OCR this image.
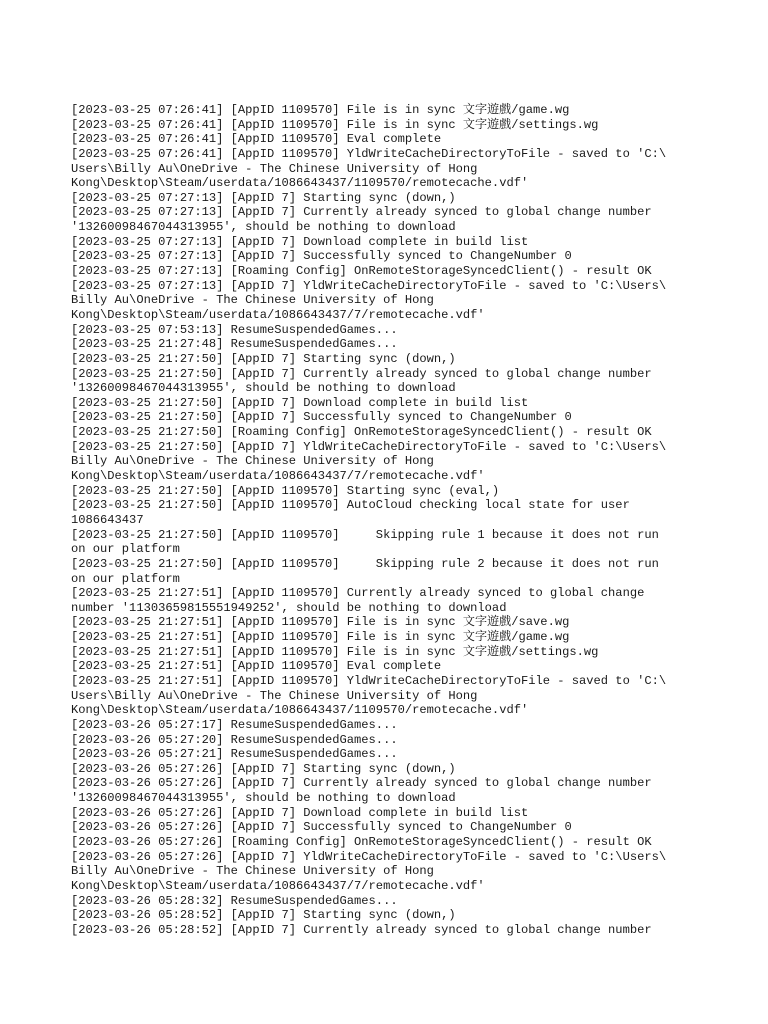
[2023-03-25 07:26:41] [AppID 1109570] File is in sync 文字遊戲/game.wg
[2023-03-25 07:26:41] [AppID 1109570] File is in sync 文字遊戲/settings.wg
[2023-03-25 07:26:41] [AppID 1109570] Eval complete
[2023-03-25 07:26:41] [AppID 1109570] YldWriteCacheDirectoryToFile - saved to 'C:\
Users\Billy Au\OneDrive - The Chinese University of Hong
Kong\Desktop\Steam/userdata/1086643437/1109570/remotecache.vdf'
[2023-03-25 07:27:13] [AppID 7] Starting sync (down,)
[2023-03-25 07:27:13] [AppID 7] Currently already synced to global change number
'13260098467044313955', should be nothing to download
[2023-03-25 07:27:13] [AppID 7] Download complete in build list
[2023-03-25 07:27:13] [AppID 7] Successfully synced to ChangeNumber 0
[2023-03-25 07:27:13] [Roaming Config] OnRemoteStorageSyncedClient() - result OK
[2023-03-25 07:27:13] [AppID 7] YldWriteCacheDirectoryToFile - saved to 'C:\Users\
Billy Au\OneDrive - The Chinese University of Hong
Kong\Desktop\Steam/userdata/1086643437/7/remotecache.vdf'
[2023-03-25 07:53:13] ResumeSuspendedGames...
[2023-03-25 21:27:48] ResumeSuspendedGames...
[2023-03-25 21:27:50] [AppID 7] Starting sync (down,)
[2023-03-25 21:27:50] [AppID 7] Currently already synced to global change number
'13260098467044313955', should be nothing to download
[2023-03-25 21:27:50] [AppID 7] Download complete in build list
[2023-03-25 21:27:50] [AppID 7] Successfully synced to ChangeNumber 0
[2023-03-25 21:27:50] [Roaming Config] OnRemoteStorageSyncedClient() - result OK
[2023-03-25 21:27:50] [AppID 7] YldWriteCacheDirectoryToFile - saved to 'C:\Users\
Billy Au\OneDrive - The Chinese University of Hong
Kong\Desktop\Steam/userdata/1086643437/7/remotecache.vdf'
[2023-03-25 21:27:50] [AppID 1109570] Starting sync (eval,)
[2023-03-25 21:27:50] [AppID 1109570] AutoCloud checking local state for user
1086643437
[2023-03-25 21:27:50] [AppID 1109570]     Skipping rule 1 because it does not run
on our platform
[2023-03-25 21:27:50] [AppID 1109570]     Skipping rule 2 because it does not run
on our platform
[2023-03-25 21:27:51] [AppID 1109570] Currently already synced to global change
number '11303659815551949252', should be nothing to download
[2023-03-25 21:27:51] [AppID 1109570] File is in sync 文字遊戲/save.wg
[2023-03-25 21:27:51] [AppID 1109570] File is in sync 文字遊戲/game.wg
[2023-03-25 21:27:51] [AppID 1109570] File is in sync 文字遊戲/settings.wg
[2023-03-25 21:27:51] [AppID 1109570] Eval complete
[2023-03-25 21:27:51] [AppID 1109570] YldWriteCacheDirectoryToFile - saved to 'C:\
Users\Billy Au\OneDrive - The Chinese University of Hong
Kong\Desktop\Steam/userdata/1086643437/1109570/remotecache.vdf'
[2023-03-26 05:27:17] ResumeSuspendedGames...
[2023-03-26 05:27:20] ResumeSuspendedGames...
[2023-03-26 05:27:21] ResumeSuspendedGames...
[2023-03-26 05:27:26] [AppID 7] Starting sync (down,)
[2023-03-26 05:27:26] [AppID 7] Currently already synced to global change number
'13260098467044313955', should be nothing to download
[2023-03-26 05:27:26] [AppID 7] Download complete in build list
[2023-03-26 05:27:26] [AppID 7] Successfully synced to ChangeNumber 0
[2023-03-26 05:27:26] [Roaming Config] OnRemoteStorageSyncedClient() - result OK
[2023-03-26 05:27:26] [AppID 7] YldWriteCacheDirectoryToFile - saved to 'C:\Users\
Billy Au\OneDrive - The Chinese University of Hong
Kong\Desktop\Steam/userdata/1086643437/7/remotecache.vdf'
[2023-03-26 05:28:32] ResumeSuspendedGames...
[2023-03-26 05:28:52] [AppID 7] Starting sync (down,)
[2023-03-26 05:28:52] [AppID 7] Currently already synced to global change number
